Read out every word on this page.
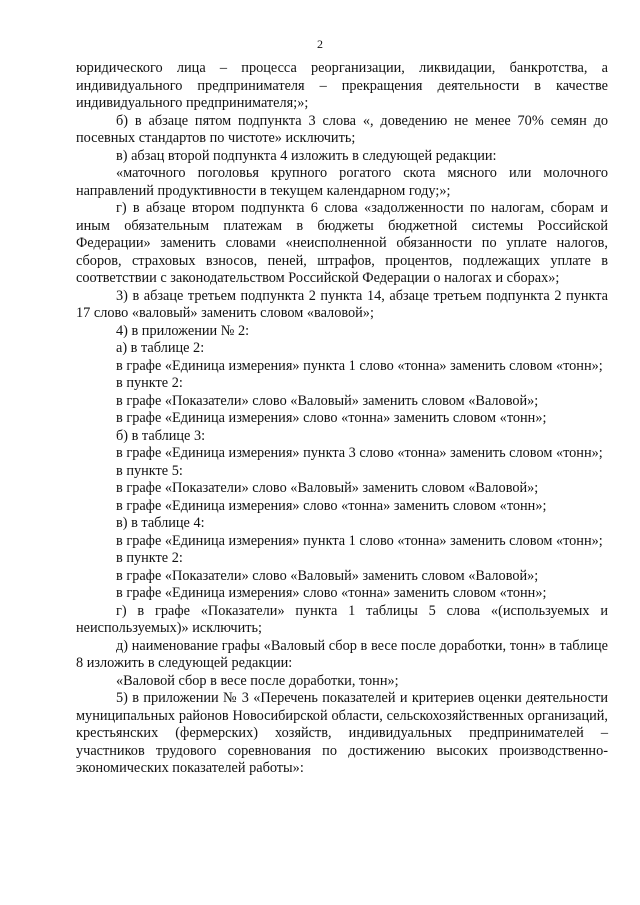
2

юридического лица – процесса реорганизации, ликвидации, банкротства, а индивидуального предпринимателя – прекращения деятельности в качестве индивидуального предпринимателя;»;

б) в абзаце пятом подпункта 3 слова «, доведению не менее 70% семян до посевных стандартов по чистоте» исключить;

в) абзац второй подпункта 4 изложить в следующей редакции:

«маточного поголовья крупного рогатого скота мясного или молочного направлений продуктивности в текущем календарном году;»;

г) в абзаце втором подпункта 6 слова «задолженности по налогам, сборам и иным обязательным платежам в бюджеты бюджетной системы Российской Федерации» заменить словами «неисполненной обязанности по уплате налогов, сборов, страховых взносов, пеней, штрафов, процентов, подлежащих уплате в соответствии с законодательством Российской Федерации о налогах и сборах»;

3) в абзаце третьем подпункта 2 пункта 14, абзаце третьем подпункта 2 пункта 17 слово «валовый» заменить словом «валовой»;

4) в приложении № 2:

а) в таблице 2:

в графе «Единица измерения» пункта 1 слово «тонна» заменить словом «тонн»;

в пункте 2:

в графе «Показатели» слово «Валовый» заменить словом «Валовой»;

в графе «Единица измерения» слово «тонна» заменить словом «тонн»;

б) в таблице 3:

в графе «Единица измерения» пункта 3 слово «тонна» заменить словом «тонн»;

в пункте 5:

в графе «Показатели» слово «Валовый» заменить словом «Валовой»;

в графе «Единица измерения» слово «тонна» заменить словом «тонн»;

в) в таблице 4:

в графе «Единица измерения» пункта 1 слово «тонна» заменить словом «тонн»;

в пункте 2:

в графе «Показатели» слово «Валовый» заменить словом «Валовой»;

в графе «Единица измерения» слово «тонна» заменить словом «тонн»;

г) в графе «Показатели» пункта 1 таблицы 5 слова «(используемых и неиспользуемых)» исключить;

д) наименование графы «Валовый сбор в весе после доработки, тонн» в таблице 8 изложить в следующей редакции:

«Валовой сбор в весе после доработки, тонн»;

5) в приложении № 3 «Перечень показателей и критериев оценки деятельности муниципальных районов Новосибирской области, сельскохозяйственных организаций, крестьянских (фермерских) хозяйств, индивидуальных предпринимателей – участников трудового соревнования по достижению высоких производственно-экономических показателей работы»:
